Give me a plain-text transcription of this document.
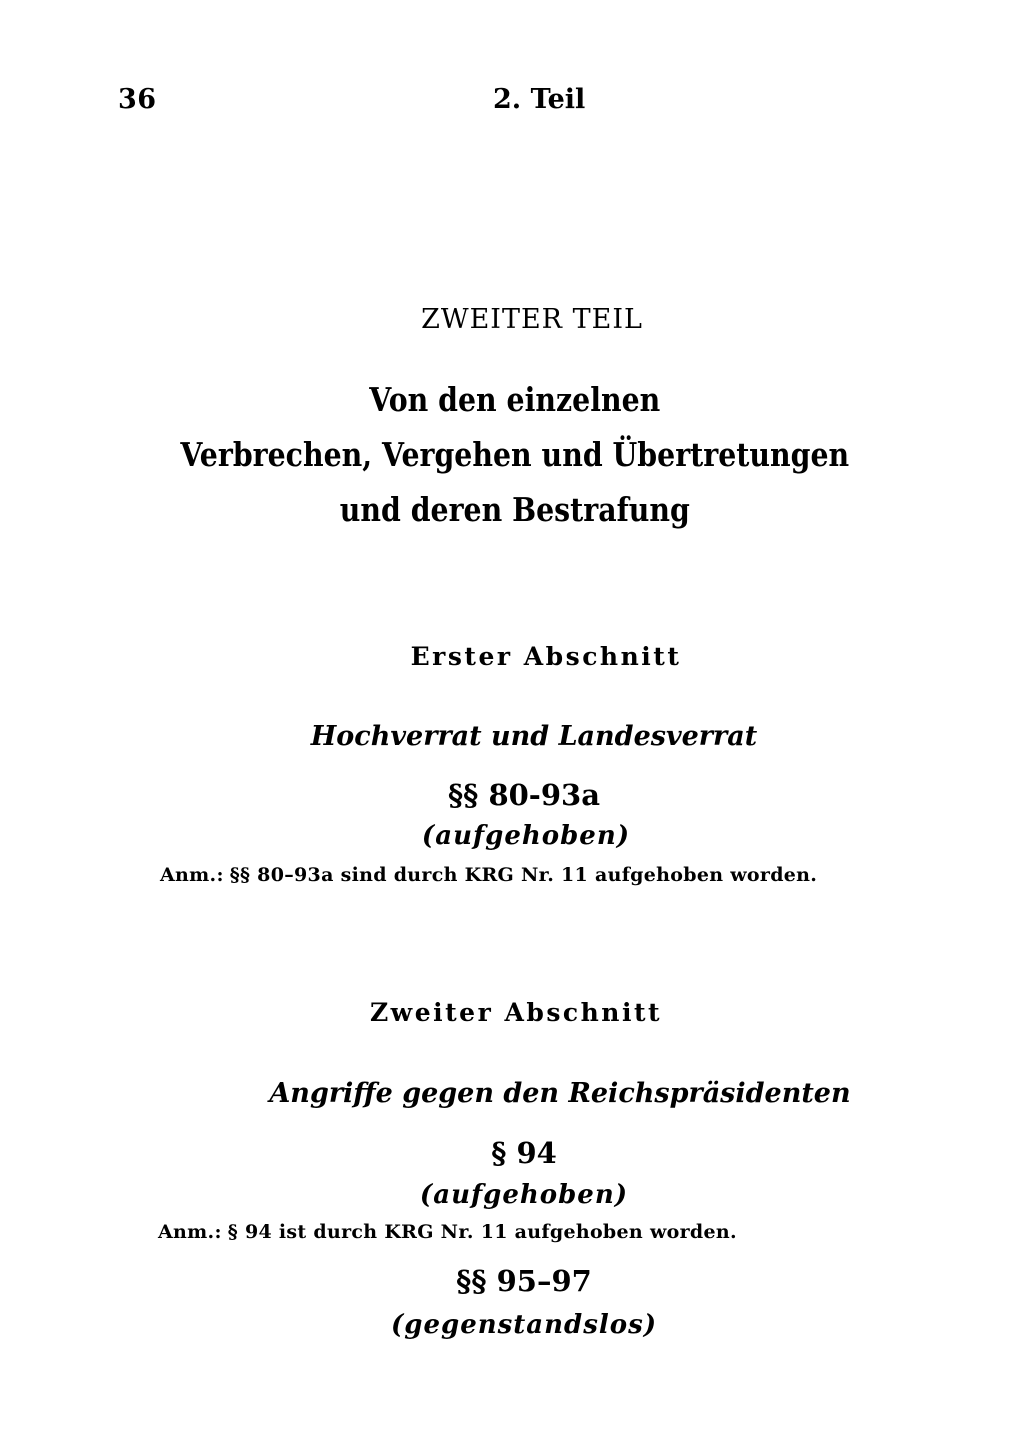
36	2. Teil
ZWEITER TEIL
Von den einzelnen
Verbrechen, Vergehen und Übertretungen
und deren Bestrafung
Erster Abschnitt
Hochverrat und Landesverrat
§§ 80-93a
(aufgehoben)
Anm.: §§ 80–93a sind durch KRG Nr. 11 aufgehoben worden.
Zweiter Abschnitt
Angriffe gegen den Reichspräsidenten
§ 94
(aufgehoben)
Anm.: § 94 ist durch KRG Nr. 11 aufgehoben worden.
§§ 95–97
(gegenstandslos)
